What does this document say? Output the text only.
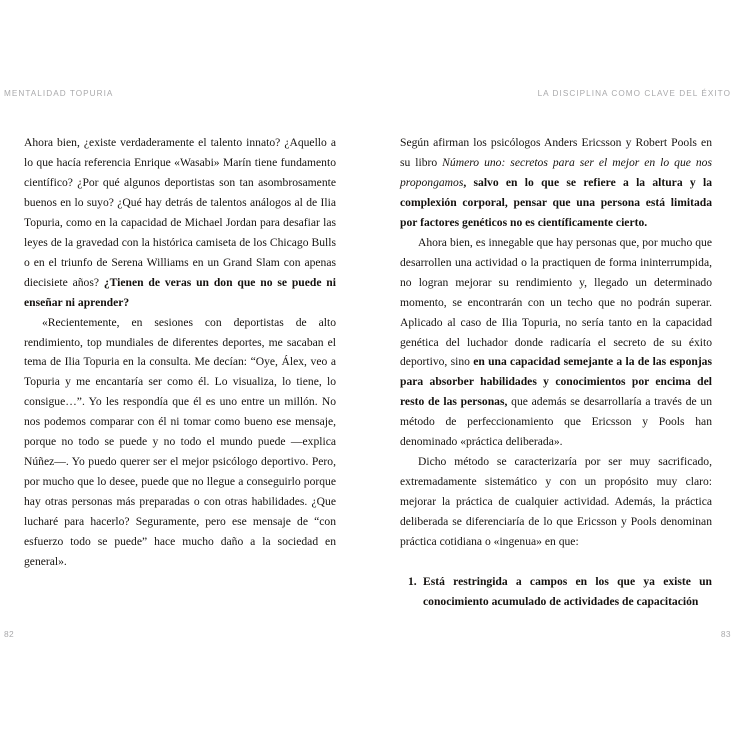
MENTALIDAD TOPURIA

Ahora bien, ¿existe verdaderamente el talento innato? ¿Aquello a lo que hacía referencia Enrique «Wasabi» Marín tiene fundamento científico? ¿Por qué algunos deportistas son tan asombrosamente buenos en lo suyo? ¿Qué hay detrás de talentos análogos al de Ilia Topuria, como en la capacidad de Michael Jordan para desafiar las leyes de la gravedad con la histórica camiseta de los Chicago Bulls o en el triunfo de Serena Williams en un Grand Slam con apenas diecisiete años? ¿Tienen de veras un don que no se puede ni enseñar ni aprender?

«Recientemente, en sesiones con deportistas de alto rendimiento, top mundiales de diferentes deportes, me sacaban el tema de Ilia Topuria en la consulta. Me decían: “Oye, Álex, veo a Topuria y me encantaría ser como él. Lo visualiza, lo tiene, lo consigue…”. Yo les respondía que él es uno entre un millón. No nos podemos comparar con él ni tomar como bueno ese mensaje, porque no todo se puede y no todo el mundo puede —explica Núñez—. Yo puedo querer ser el mejor psicólogo deportivo. Pero, por mucho que lo desee, puede que no llegue a conseguirlo porque hay otras personas más preparadas o con otras habilidades. ¿Que lucharé para hacerlo? Seguramente, pero ese mensaje de “con esfuerzo todo se puede” hace mucho daño a la sociedad en general».

82
LA DISCIPLINA COMO CLAVE DEL ÉXITO

Según afirman los psicólogos Anders Ericsson y Robert Pools en su libro Número uno: secretos para ser el mejor en lo que nos propongamos, salvo en lo que se refiere a la altura y la complexión corporal, pensar que una persona está limitada por factores genéticos no es científicamente cierto.

Ahora bien, es innegable que hay personas que, por mucho que desarrollen una actividad o la practiquen de forma ininterrumpida, no logran mejorar su rendimiento y, llegado un determinado momento, se encontrarán con un techo que no podrán superar. Aplicado al caso de Ilia Topuria, no sería tanto en la capacidad genética del luchador donde radicaría el secreto de su éxito deportivo, sino en una capacidad semejante a la de las esponjas para absorber habilidades y conocimientos por encima del resto de las personas, que además se desarrollaría a través de un método de perfeccionamiento que Ericsson y Pools han denominado «práctica deliberada».

Dicho método se caracterizaría por ser muy sacrificado, extremadamente sistemático y con un propósito muy claro: mejorar la práctica de cualquier actividad. Además, la práctica deliberada se diferenciaría de lo que Ericsson y Pools denominan práctica cotidiana o «ingenua» en que:

1. Está restringida a campos en los que ya existe un conocimiento acumulado de actividades de capacitación
83
